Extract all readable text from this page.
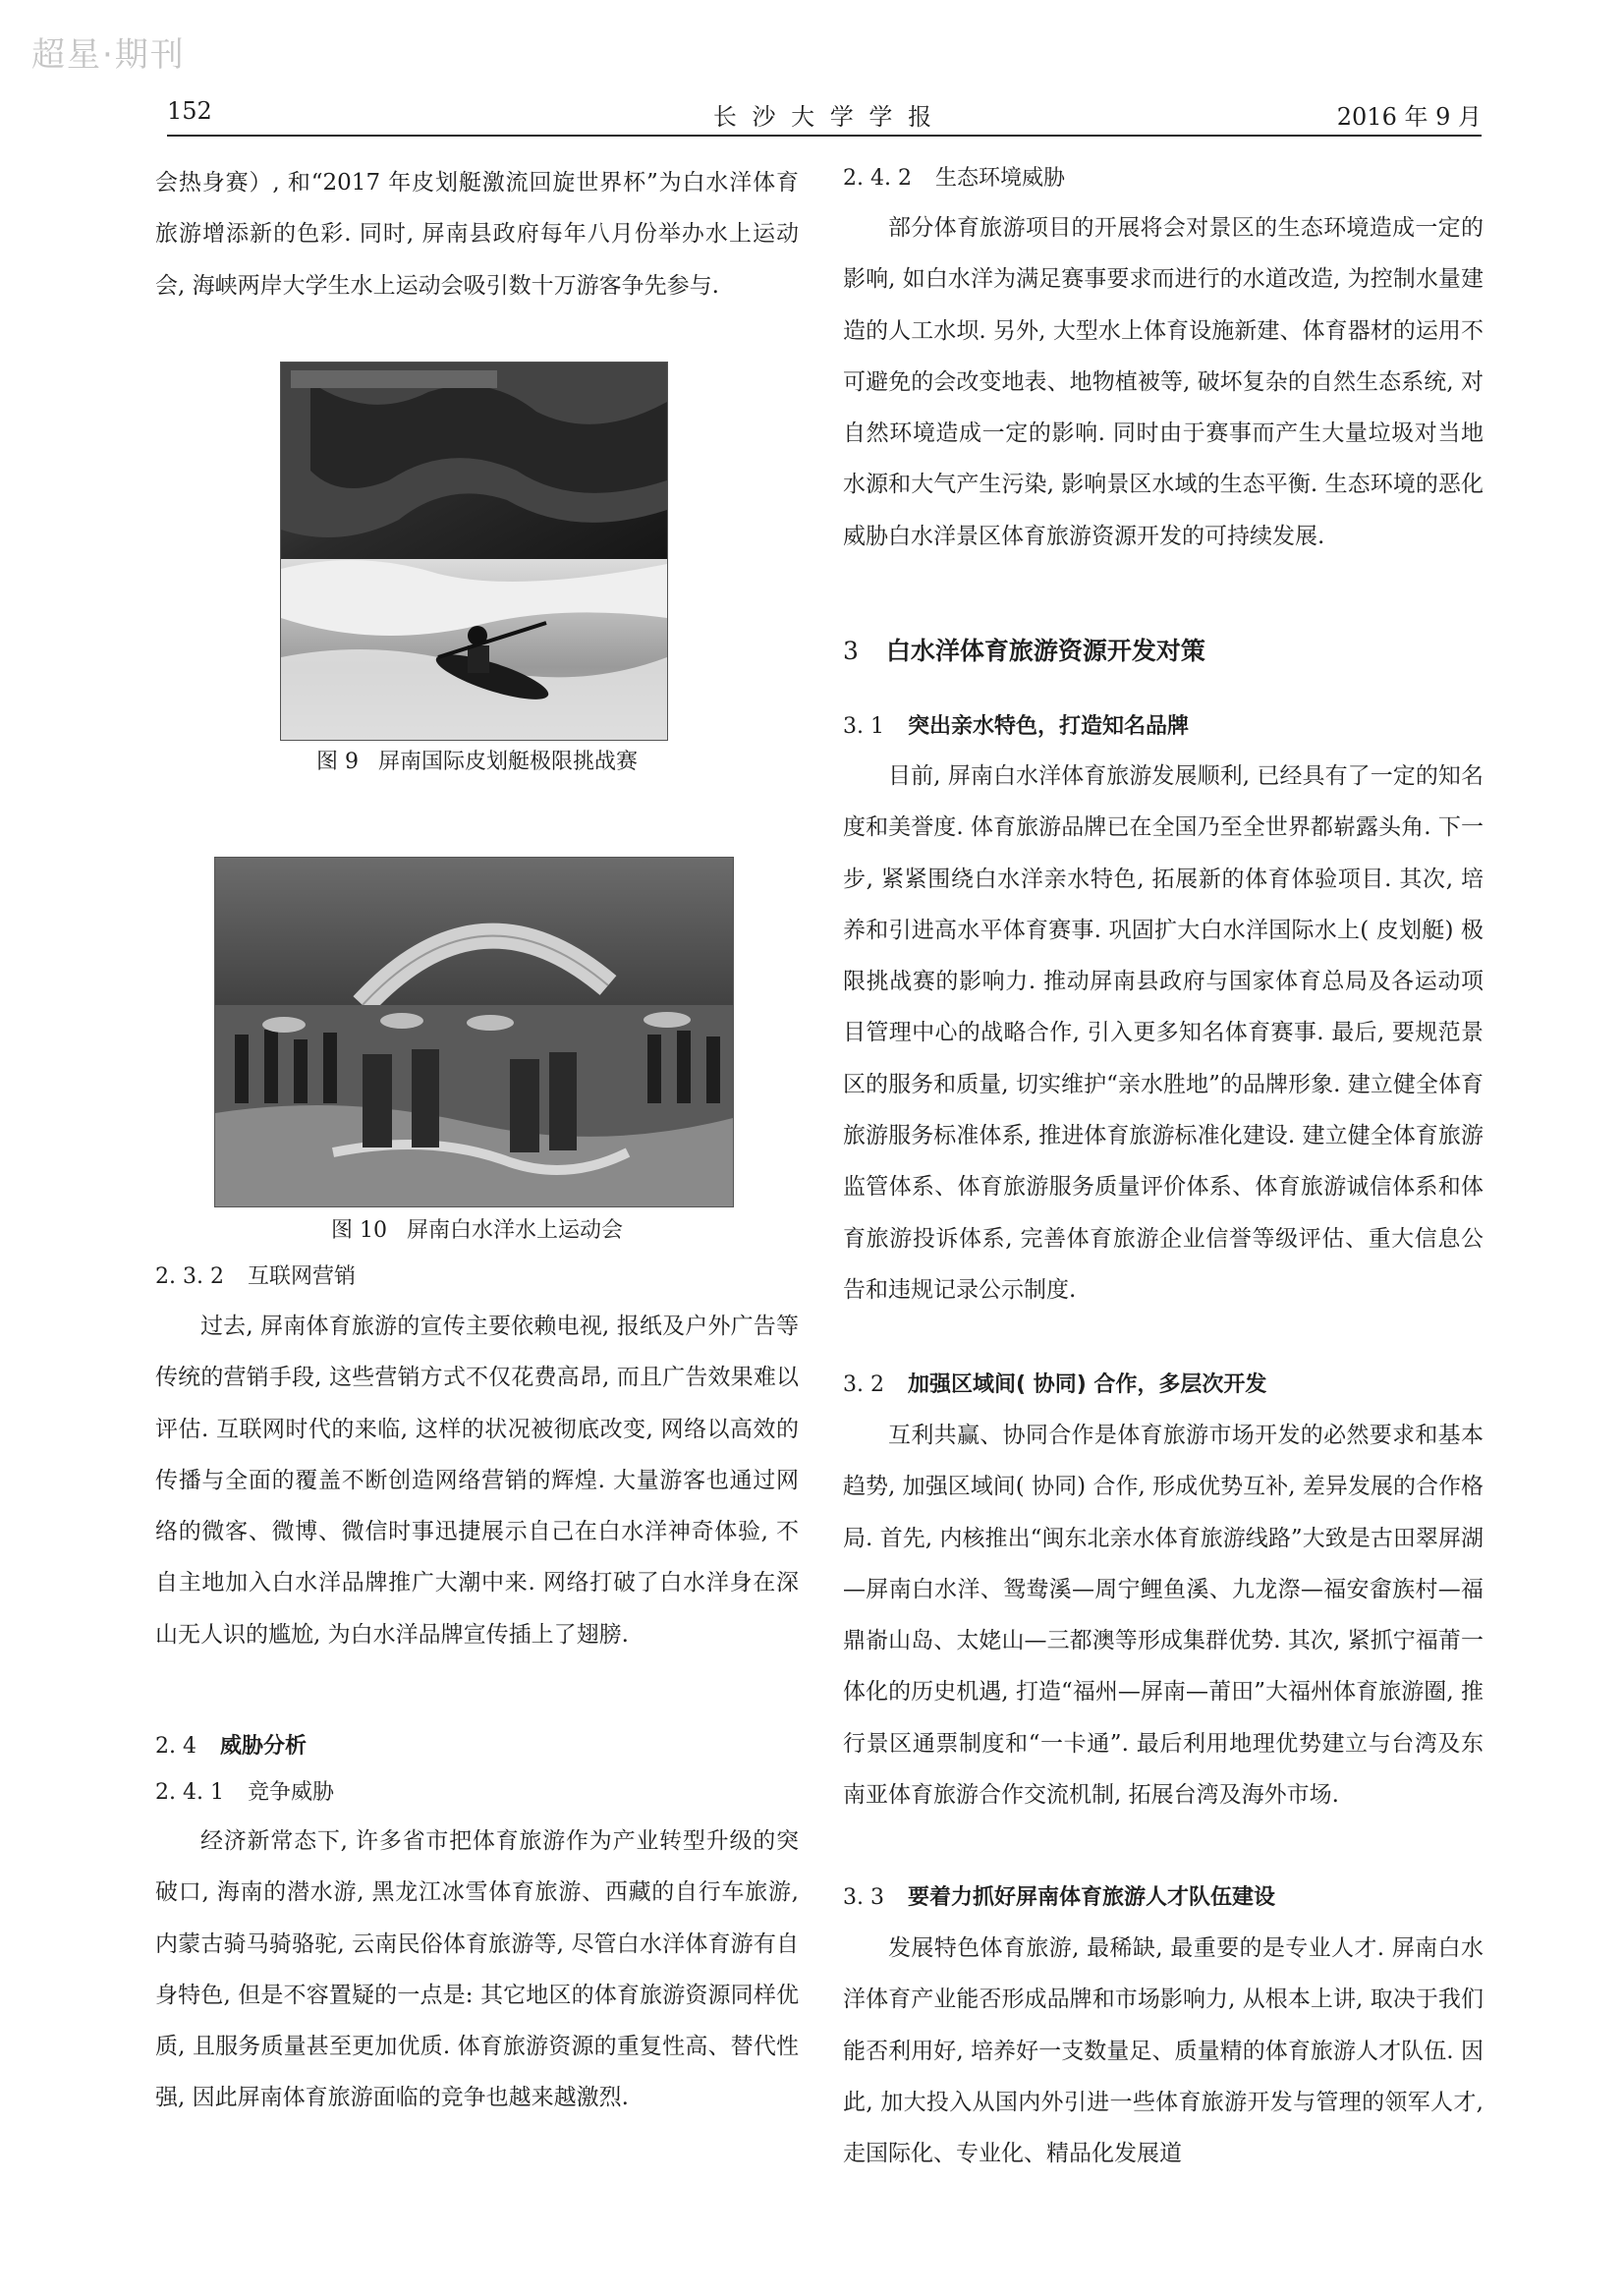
超星·期刊
152	长 沙 大 学 学 报	2016 年 9 月

会热身赛）, 和“2017 年皮划艇激流回旋世界杯”为白水洋体育旅游增添新的色彩. 同时, 屏南县政府每年八月份举办水上运动会, 海峡两岸大学生水上运动会吸引数十万游客争先参与.

图 9 屏南国际皮划艇极限挑战赛
图 10 屏南白水洋水上运动会
2. 3. 2 互联网营销

过去, 屏南体育旅游的宣传主要依赖电视, 报纸及户外广告等传统的营销手段, 这些营销方式不仅花费高昂, 而且广告效果难以评估. 互联网时代的来临, 这样的状况被彻底改变, 网络以高效的传播与全面的覆盖不断创造网络营销的辉煌. 大量游客也通过网络的微客、微博、微信时事迅捷展示自己在白水洋神奇体验, 不自主地加入白水洋品牌推广大潮中来. 网络打破了白水洋身在深山无人识的尴尬, 为白水洋品牌宣传插上了翅膀.

2. 4 威胁分析
2. 4. 1 竞争威胁

经济新常态下, 许多省市把体育旅游作为产业转型升级的突破口, 海南的潜水游, 黑龙江冰雪体育旅游、西藏的自行车旅游, 内蒙古骑马骑骆驼, 云南民俗体育旅游等, 尽管白水洋体育游有自身特色, 但是不容置疑的一点是: 其它地区的体育旅游资源同样优质, 且服务质量甚至更加优质. 体育旅游资源的重复性高、替代性强, 因此屏南体育旅游面临的竞争也越来越激烈.

2. 4. 2 生态环境威胁

部分体育旅游项目的开展将会对景区的生态环境造成一定的影响, 如白水洋为满足赛事要求而进行的水道改造, 为控制水量建造的人工水坝. 另外, 大型水上体育设施新建、体育器材的运用不可避免的会改变地表、地物植被等, 破坏复杂的自然生态系统, 对自然环境造成一定的影响. 同时由于赛事而产生大量垃圾对当地水源和大气产生污染, 影响景区水域的生态平衡. 生态环境的恶化威胁白水洋景区体育旅游资源开发的可持续发展.

3 白水洋体育旅游资源开发对策
3. 1 突出亲水特色，打造知名品牌

目前, 屏南白水洋体育旅游发展顺利, 已经具有了一定的知名度和美誉度. 体育旅游品牌已在全国乃至全世界都崭露头角. 下一步, 紧紧围绕白水洋亲水特色, 拓展新的体育体验项目. 其次, 培养和引进高水平体育赛事. 巩固扩大白水洋国际水上( 皮划艇) 极限挑战赛的影响力. 推动屏南县政府与国家体育总局及各运动项目管理中心的战略合作, 引入更多知名体育赛事. 最后, 要规范景区的服务和质量, 切实维护“亲水胜地”的品牌形象. 建立健全体育旅游服务标准体系, 推进体育旅游标准化建设. 建立健全体育旅游监管体系、体育旅游服务质量评价体系、体育旅游诚信体系和体育旅游投诉体系, 完善体育旅游企业信誉等级评估、重大信息公告和违规记录公示制度.

3. 2 加强区域间( 协同) 合作，多层次开发

互利共赢、协同合作是体育旅游市场开发的必然要求和基本趋势, 加强区域间( 协同) 合作, 形成优势互补, 差异发展的合作格局. 首先, 内核推出“闽东北亲水体育旅游线路”大致是古田翠屏湖—屏南白水洋、鸳鸯溪—周宁鲤鱼溪、九龙漈—福安畲族村—福鼎嵛山岛、太姥山—三都澳等形成集群优势. 其次, 紧抓宁福莆一体化的历史机遇, 打造“福州—屏南—莆田”大福州体育旅游圈, 推行景区通票制度和“一卡通”. 最后利用地理优势建立与台湾及东南亚体育旅游合作交流机制, 拓展台湾及海外市场.

3. 3 要着力抓好屏南体育旅游人才队伍建设

发展特色体育旅游, 最稀缺, 最重要的是专业人才. 屏南白水洋体育产业能否形成品牌和市场影响力, 从根本上讲, 取决于我们能否利用好, 培养好一支数量足、质量精的体育旅游人才队伍. 因此, 加大投入从国内外引进一些体育旅游开发与管理的领军人才, 走国际化、专业化、精品化发展道
